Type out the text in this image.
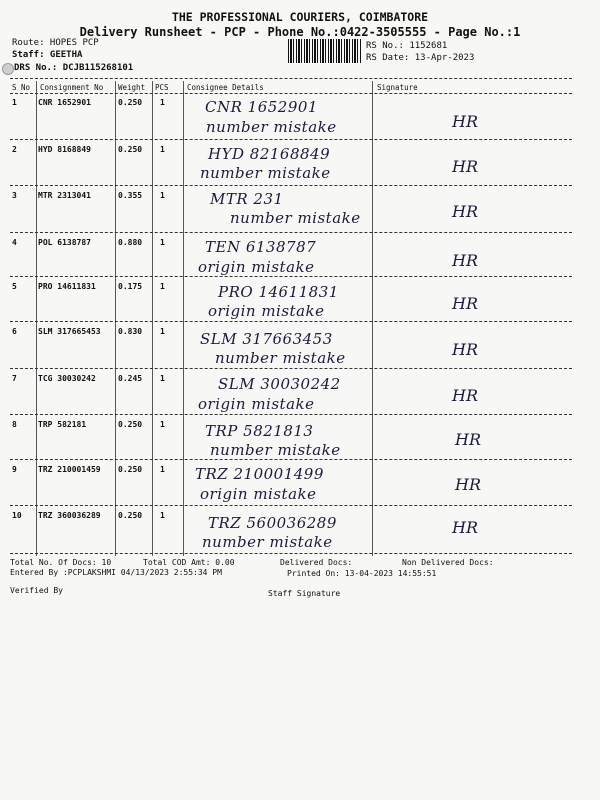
THE PROFESSIONAL COURIERS, COIMBATORE
Delivery Runsheet - PCP - Phone No.:0422-3505555 - Page No.:1
Route: HOPES PCP
Staff: GEETHA
DRS No.: DCJB115268101
RS No.: 1152681
RS Date: 13-Apr-2023
S No Consignment No Weight PCS Consignee Details	Signature
1	CNR 1652901	0.250 1	CNR 1652901
number mistake	HR
2	HYD 8168849	0.250 1	HYD 82168849
number mistake	HR
3	MTR 2313041	0.355 1	MTR 231
number mistake	HR
4	POL 6138787	0.880 1	TEN 6138787
origin mistake	HR
5	PRO 14611831	0.175 1	PRO 14611831
origin mistake	HR
6	SLM 317665453 0.830 1 SLM 317663453
number mistake	HR
7	TCG 30030242	0.245 1	SLM 30030242
origin mistake	HR
8	TRP 582181	0.250 1	TRP 5821813
number mistake
HR
9	TRZ 210001459 0.250 1 TRZ 210001499
origin mistake	HR
10 TRZ 360036289 0.250 1	TRZ 560036289
number mistake
HR
Total No. Of Docs: 10	Total COD Amt: 0.00	Delivered Docs:	Non Delivered Docs:
Entered By :PCPLAKSHMI 04/13/2023 2:55:34 PM	Printed On: 13-04-2023 14:55:51
Verified By	Staff Signature
